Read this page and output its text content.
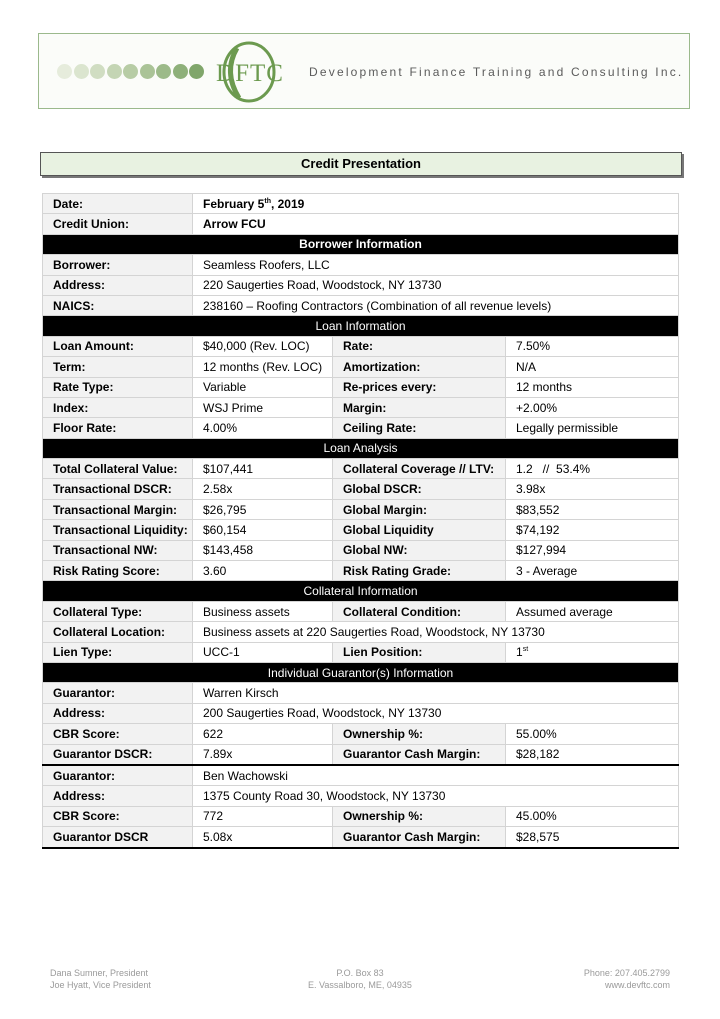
DFTC Development Finance Training and Consulting Inc.
Credit Presentation
Date:	February 5th, 2019		
Credit Union:	Arrow FCU		
Borrower Information			
Borrower:	Seamless Roofers, LLC		
Address:	220 Saugerties Road, Woodstock, NY 13730		
NAICS:	238160 – Roofing Contractors (Combination of all revenue levels)		
Loan Information			
Loan Amount:	$40,000 (Rev. LOC)	Rate:	7.50%
Term:	12 months (Rev. LOC)	Amortization:	N/A
Rate Type:	Variable	Re-prices every:	12 months
Index:	WSJ Prime	Margin:	+2.00%
Floor Rate:	4.00%	Ceiling Rate:	Legally permissible
Loan Analysis			
Total Collateral Value:	$107,441	Collateral Coverage // LTV:	1.2   //  53.4%
Transactional DSCR:	2.58x	Global DSCR:	3.98x
Transactional Margin:	$26,795	Global Margin:	$83,552
Transactional Liquidity:	$60,154	Global Liquidity	$74,192
Transactional NW:	$143,458	Global NW:	$127,994
Risk Rating Score:	3.60	Risk Rating Grade:	3 - Average
Collateral Information			
Collateral Type:	Business assets	Collateral Condition:	Assumed average
Collateral Location:	Business assets at 220 Saugerties Road, Woodstock, NY 13730		
Lien Type:	UCC-1	Lien Position:	1st
Individual Guarantor(s) Information			
Guarantor:	Warren Kirsch		
Address:	200 Saugerties Road, Woodstock, NY 13730		
CBR Score:	622	Ownership %:	55.00%
Guarantor DSCR:	7.89x	Guarantor Cash Margin:	$28,182
Guarantor:	Ben Wachowski		
Address:	1375 County Road 30, Woodstock, NY 13730		
CBR Score:	772	Ownership %:	45.00%
Guarantor DSCR	5.08x	Guarantor Cash Margin:	$28,575
Dana Sumner, President
Joe Hyatt, Vice President
P.O. Box 83
E. Vassalboro, ME, 04935
Phone: 207.405.2799
www.devftc.com
